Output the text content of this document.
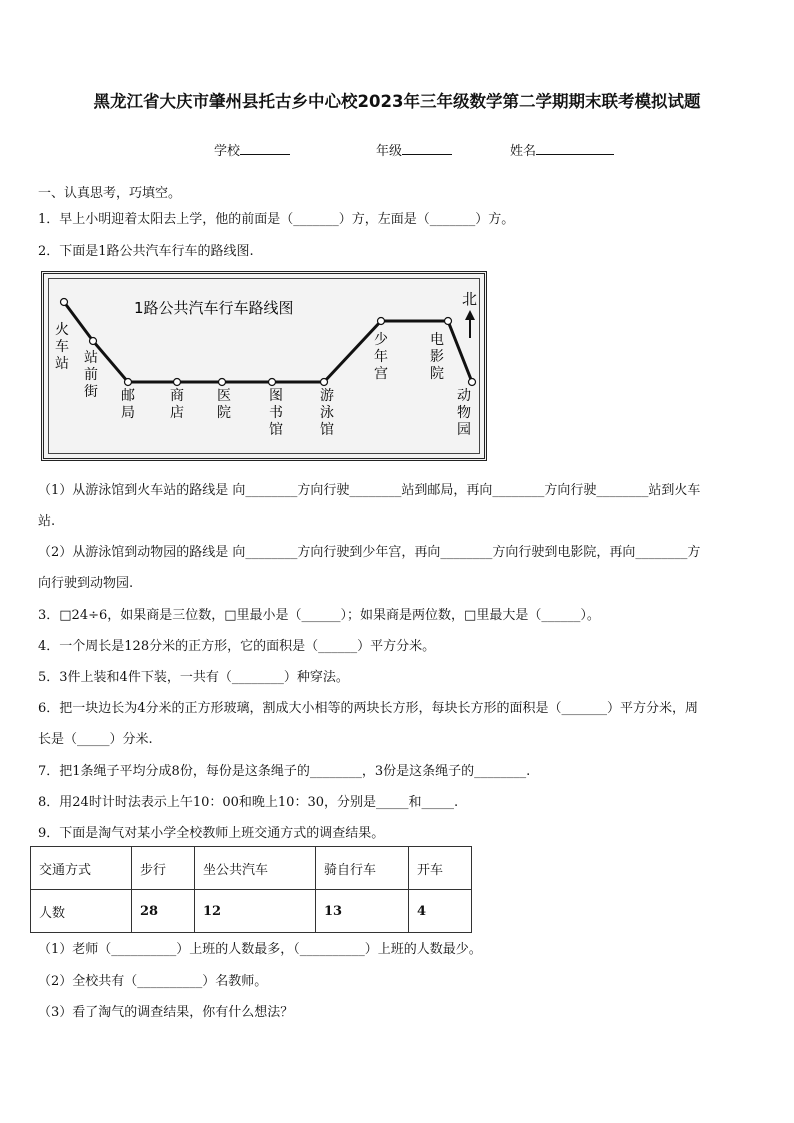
黑龙江省大庆市肇州县托古乡中心校2023年三年级数学第二学期期末联考模拟试题
学校	年级	姓名
一、认真思考，巧填空。
1．早上小明迎着太阳去上学，他的前面是（_______）方，左面是（_______）方。
2．下面是1路公共汽车行车的路线图.
1路公共汽车行车路线图	北
火车站 站前街 邮局
商店
医院
图书馆
游泳馆
少年宫
电影院
动物园
（1）从游泳馆到火车站的路线是 向________方向行驶________站到邮局，再向________方向行驶________站到火车
站.
（2）从游泳馆到动物园的路线是 向________方向行驶到少年宫，再向________方向行驶到电影院，再向________方
向行驶到动物园.
3．□24÷6，如果商是三位数，□里最小是（______）；如果商是两位数，□里最大是（______）。
4．一个周长是128分米的正方形，它的面积是（______）平方分米。
5．3件上装和4件下装，一共有（________）种穿法。
6．把一块边长为4分米的正方形玻璃，割成大小相等的两块长方形，每块长方形的面积是（_______）平方分米，周
长是（_____）分米.
7．把1条绳子平均分成8份，每份是这条绳子的________，3份是这条绳子的________.
8．用24时计时法表示上午10：00和晚上10：30，分别是_____和_____.
9．下面是淘气对某小学全校教师上班交通方式的调查结果。
交通方式	步行	坐公共汽车	骑自行车	开车
人数	28	12	13	4
（1）老师（__________）上班的人数最多，（__________）上班的人数最少。
（2）全校共有（__________）名教师。
（3）看了淘气的调查结果，你有什么想法？
